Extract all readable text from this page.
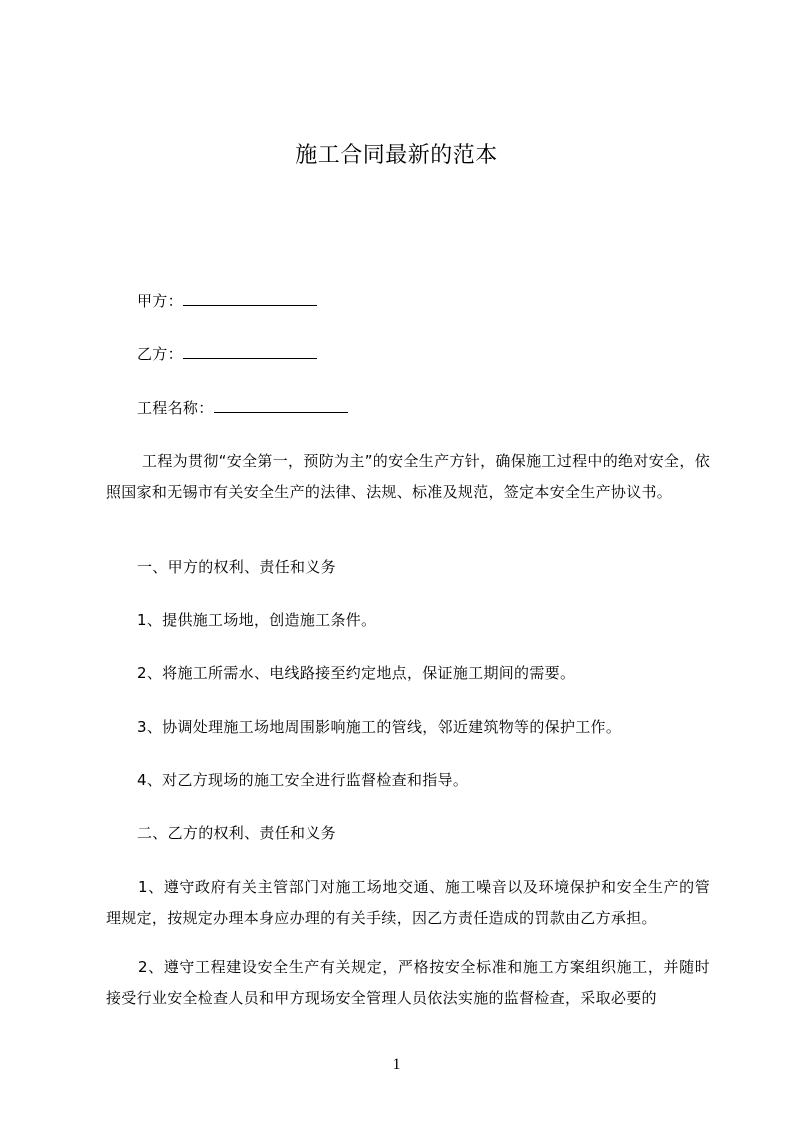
施工合同最新的范本
甲方：
乙方：
工程名称：
工程为贯彻“安全第一，预防为主”的安全生产方针，确保施工过程中的绝对安全，依照国家和无锡市有关安全生产的法律、法规、标准及规范，签定本安全生产协议书。
一、甲方的权利、责任和义务
1、提供施工场地，创造施工条件。
2、将施工所需水、电线路接至约定地点，保证施工期间的需要。
3、协调处理施工场地周围影响施工的管线，邻近建筑物等的保护工作。
4、对乙方现场的施工安全进行监督检查和指导。
二、乙方的权利、责任和义务
1、遵守政府有关主管部门对施工场地交通、施工噪音以及环境保护和安全生产的管理规定，按规定办理本身应办理的有关手续，因乙方责任造成的罚款由乙方承担。
2、遵守工程建设安全生产有关规定，严格按安全标准和施工方案组织施工，并随时接受行业安全检查人员和甲方现场安全管理人员依法实施的监督检查，采取必要的
1
